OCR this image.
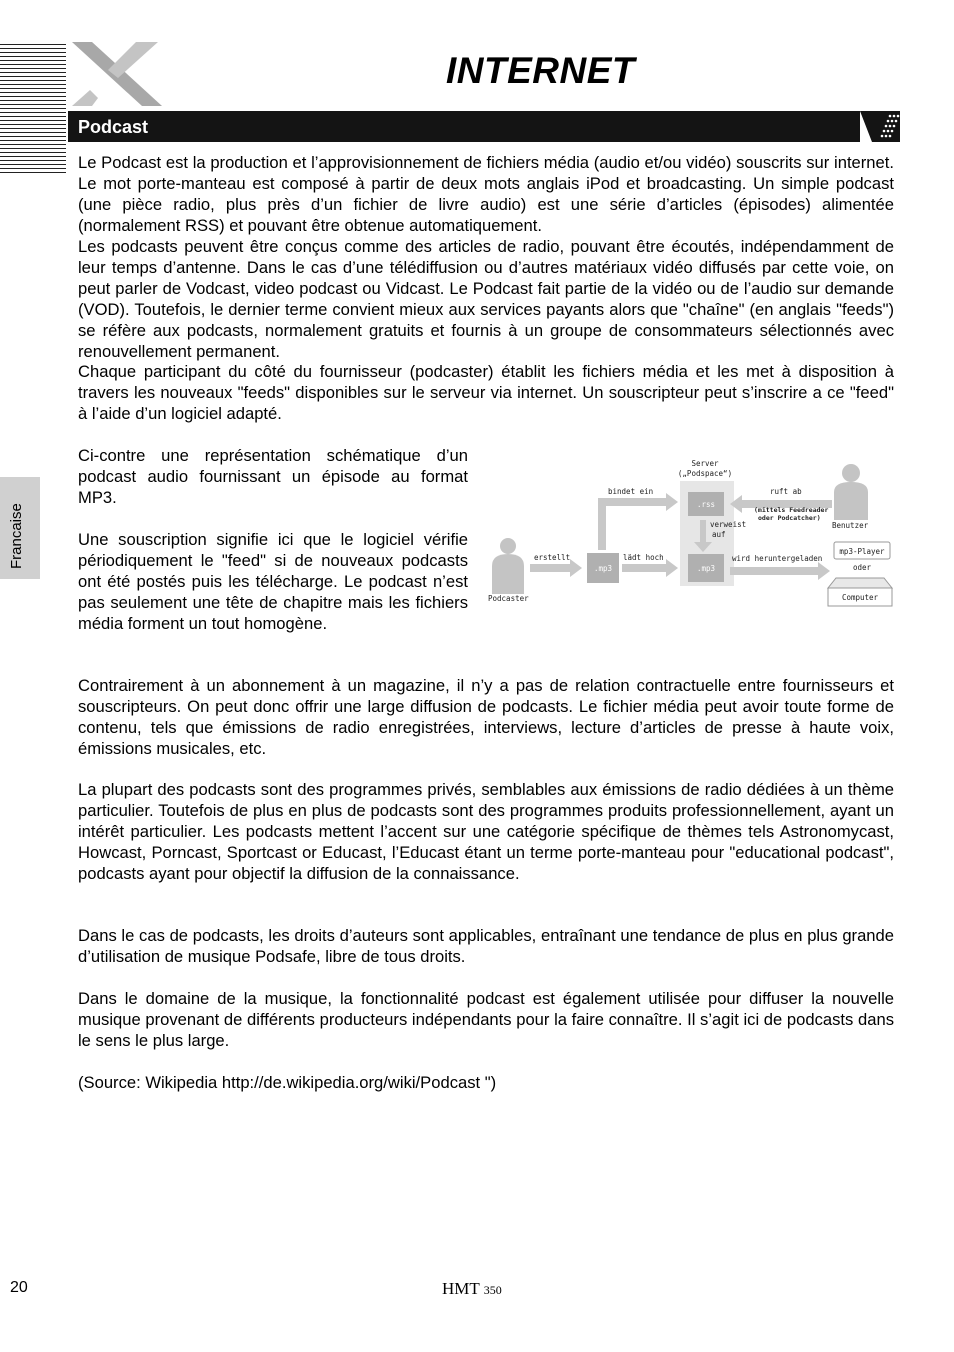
INTERNET
Podcast
Francaise

Le Podcast est la production et l’approvisionnement de fichiers média (audio et/ou vidéo) souscrits sur internet. Le mot porte-manteau est composé à partir de deux mots anglais iPod et broadcasting. Un simple podcast (une pièce radio, plus près d’un fichier de livre audio) est une série d’articles (épisodes) alimentée (normalement RSS) et pouvant être obtenue automatiquement.

Les podcasts peuvent être conçus comme des articles de radio, pouvant être écoutés, indépendamment de leur temps d’antenne. Dans le cas d’une télédiffusion ou d’autres matériaux vidéo diffusés par cette voie, on peut parler de Vodcast, video podcast ou Vidcast. Le Podcast fait partie de la vidéo ou de l’audio sur demande (VOD). Toutefois, le dernier terme convient mieux aux services payants alors que "chaîne" (en anglais "feeds") se réfère aux podcasts, normalement gratuits et fournis à un groupe de consommateurs sélectionnés avec renouvellement permanent.

Chaque participant du côté du fournisseur (podcaster) établit les fichiers média et les met à disposition à travers les nouveaux "feeds" disponibles sur le serveur via internet. Un souscripteur peut s’inscrire a ce "feed" à l’aide d’un logiciel adapté.

Ci-contre une représentation schématique d’un podcast audio fournissant un épisode au format MP3.

Une souscription signifie ici que le logiciel vérifie périodiquement le "feed" si de nouveaux podcasts ont été postés puis les télécharge. Le podcast n’est pas seulement une tête de chapitre mais les fichiers média forment un tout homogène.

Contrairement à un abonnement à un magazine, il n’y a pas de relation contractuelle entre fournisseurs et souscripteurs. On peut donc offrir une large diffusion de podcasts. Le fichier média peut avoir toute forme de contenu, tels que émissions de radio enregistrées, interviews, lecture d’articles de presse à haute voix, émissions musicales, etc.

La plupart des podcasts sont des programmes privés, semblables aux émissions de radio dédiées à un thème particulier. Toutefois de plus en plus de podcasts sont des programmes produits professionnellement, ayant un intérêt particulier. Les podcasts mettent l’accent sur une catégorie spécifique de thèmes tels Astronomycast, Howcast, Porncast, Sportcast or Educast, l’Educast étant un terme porte-manteau pour "educational podcast", podcasts ayant pour objectif la diffusion de la connaissance.

Dans le cas de podcasts, les droits d’auteurs sont applicables, entraînant une tendance de plus en plus grande d’utilisation de musique Podsafe, libre de tous droits.

Dans le domaine de la musique, la fonctionnalité podcast est également utilisée pour diffuser la nouvelle musique provenant de différents producteurs indépendants pour la faire connaître. Il s’agit ici de podcasts dans le sens le plus large.

(Source: Wikipedia http://de.wikipedia.org/wiki/Podcast ")

Server
(„Podspace“)
.rss
.mp3
verweist
auf
Podcaster
.mp3
erstellt	lädt hoch
bindet ein	ruft ab
(mittels Feedreader
oder Podcatcher)
wird heruntergeladen
Benutzer
mp3-Player
oder
Computer
20	HMT 350
